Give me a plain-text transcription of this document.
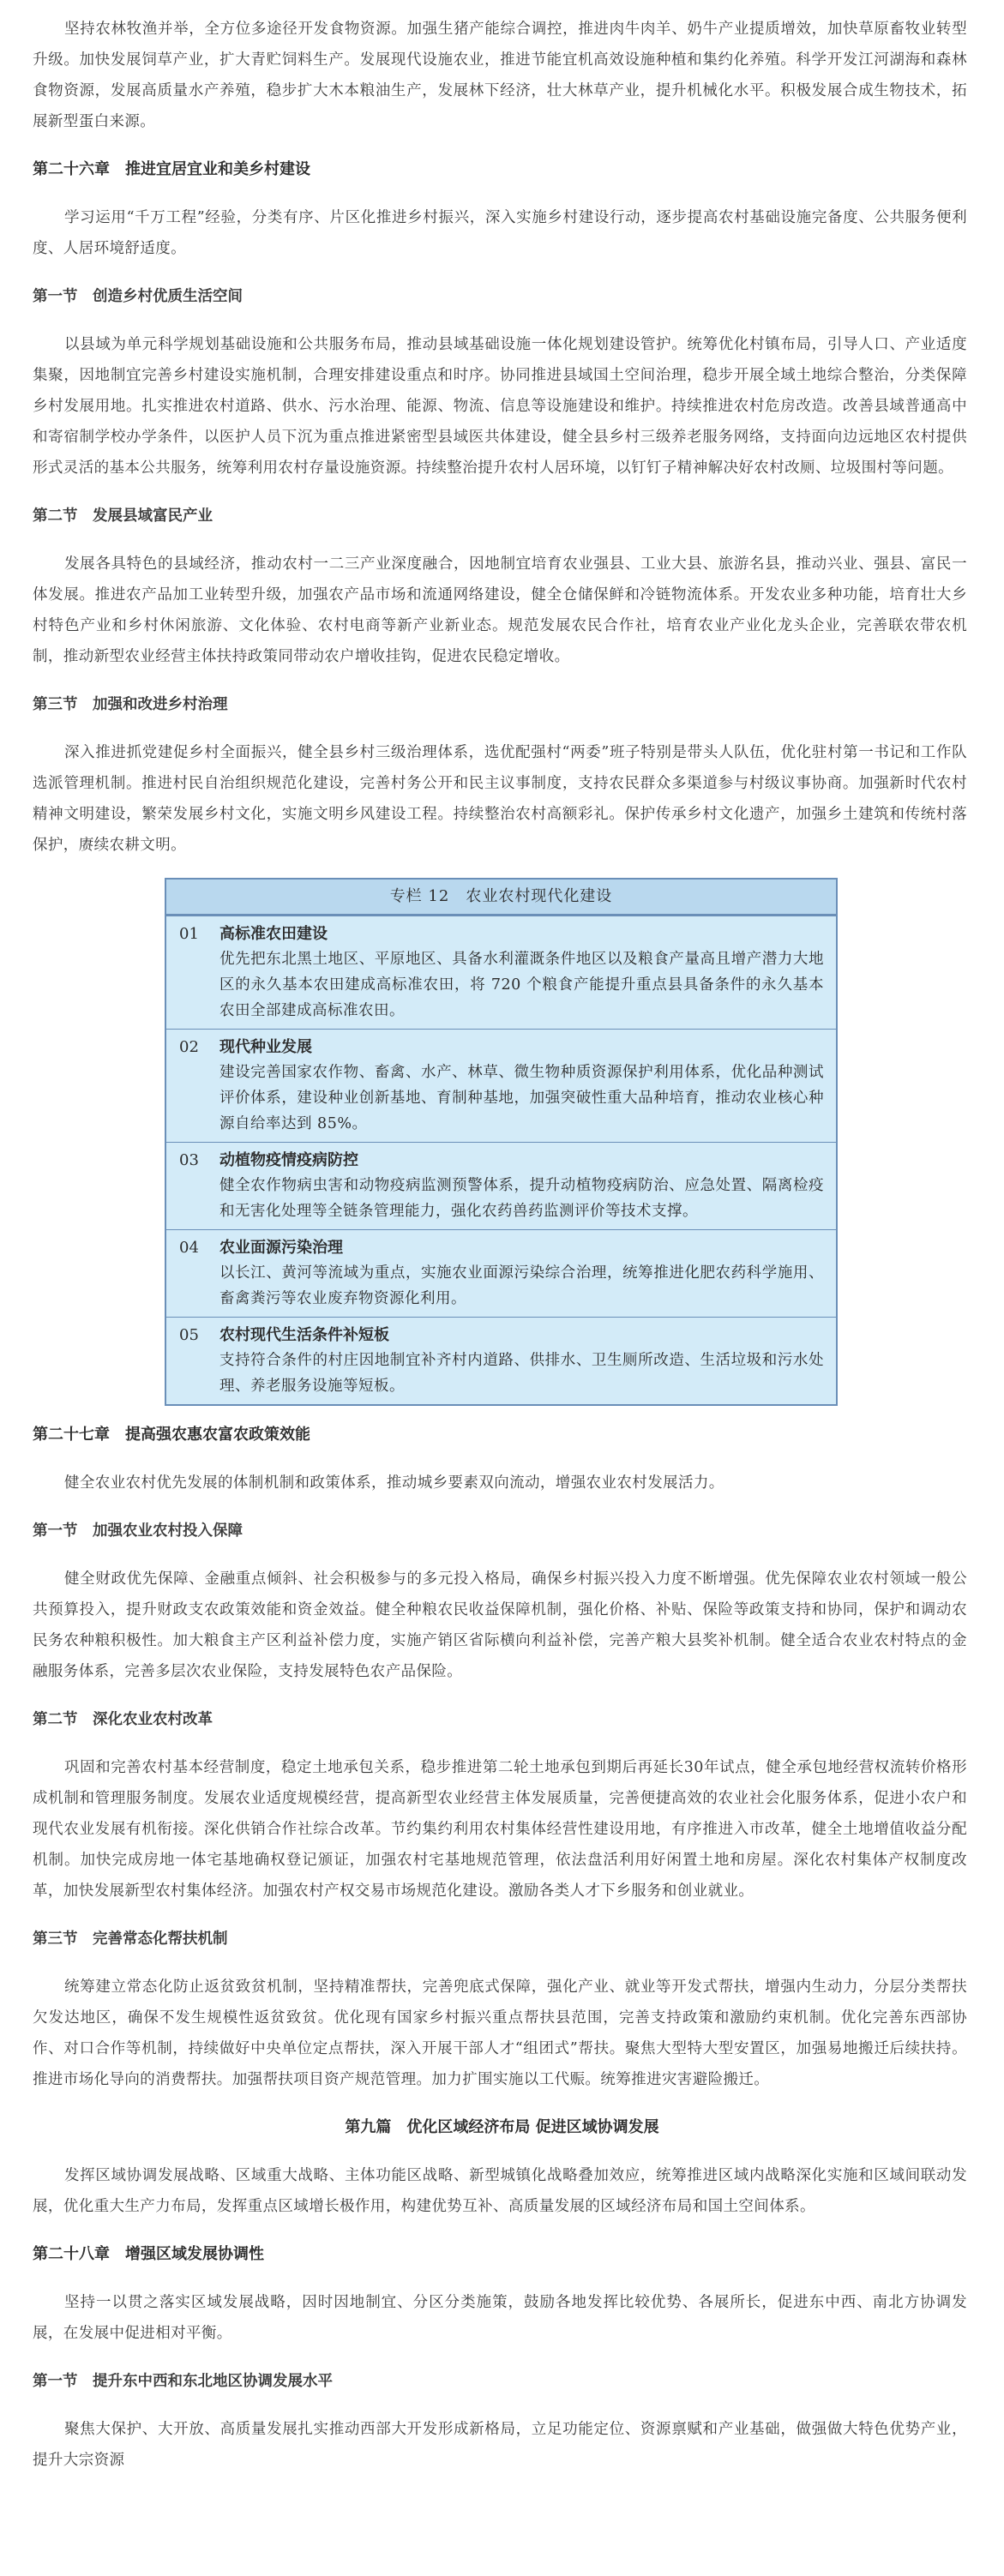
坚持农林牧渔并举，全方位多途径开发食物资源。加强生猪产能综合调控，推进肉牛肉羊、奶牛产业提质增效，加快草原畜牧业转型升级。加快发展饲草产业，扩大青贮饲料生产。发展现代设施农业，推进节能宜机高效设施种植和集约化养殖。科学开发江河湖海和森林食物资源，发展高质量水产养殖，稳步扩大木本粮油生产，发展林下经济，壮大林草产业，提升机械化水平。积极发展合成生物技术，拓展新型蛋白来源。

第二十六章　推进宜居宜业和美乡村建设

学习运用“千万工程”经验，分类有序、片区化推进乡村振兴，深入实施乡村建设行动，逐步提高农村基础设施完备度、公共服务便利度、人居环境舒适度。

第一节　创造乡村优质生活空间

以县域为单元科学规划基础设施和公共服务布局，推动县域基础设施一体化规划建设管护。统筹优化村镇布局，引导人口、产业适度集聚，因地制宜完善乡村建设实施机制，合理安排建设重点和时序。协同推进县域国土空间治理，稳步开展全域土地综合整治，分类保障乡村发展用地。扎实推进农村道路、供水、污水治理、能源、物流、信息等设施建设和维护。持续推进农村危房改造。改善县域普通高中和寄宿制学校办学条件，以医护人员下沉为重点推进紧密型县域医共体建设，健全县乡村三级养老服务网络，支持面向边远地区农村提供形式灵活的基本公共服务，统筹利用农村存量设施资源。持续整治提升农村人居环境，以钉钉子精神解决好农村改厕、垃圾围村等问题。

第二节　发展县域富民产业

发展各具特色的县域经济，推动农村一二三产业深度融合，因地制宜培育农业强县、工业大县、旅游名县，推动兴业、强县、富民一体发展。推进农产品加工业转型升级，加强农产品市场和流通网络建设，健全仓储保鲜和冷链物流体系。开发农业多种功能，培育壮大乡村特色产业和乡村休闲旅游、文化体验、农村电商等新产业新业态。规范发展农民合作社，培育农业产业化龙头企业，完善联农带农机制，推动新型农业经营主体扶持政策同带动农户增收挂钩，促进农民稳定增收。

第三节　加强和改进乡村治理

深入推进抓党建促乡村全面振兴，健全县乡村三级治理体系，选优配强村“两委”班子特别是带头人队伍，优化驻村第一书记和工作队选派管理机制。推进村民自治组织规范化建设，完善村务公开和民主议事制度，支持农民群众多渠道参与村级议事协商。加强新时代农村精神文明建设，繁荣发展乡村文化，实施文明乡风建设工程。持续整治农村高额彩礼。保护传承乡村文化遗产，加强乡土建筑和传统村落保护，赓续农耕文明。

专栏 12　农业农村现代化建设
01	高标准农田建设
优先把东北黑土地区、平原地区、具备水利灌溉条件地区以及粮食产量高且增产潜力大地区的永久基本农田建成高标准农田，将 720 个粮食产能提升重点县具备条件的永久基本农田全部建成高标准农田。
02	现代种业发展
建设完善国家农作物、畜禽、水产、林草、微生物种质资源保护利用体系，优化品种测试评价体系，建设种业创新基地、育制种基地，加强突破性重大品种培育，推动农业核心种源自给率达到 85%。
03	动植物疫情疫病防控
健全农作物病虫害和动物疫病监测预警体系，提升动植物疫病防治、应急处置、隔离检疫和无害化处理等全链条管理能力，强化农药兽药监测评价等技术支撑。
04	农业面源污染治理
以长江、黄河等流域为重点，实施农业面源污染综合治理，统筹推进化肥农药科学施用、畜禽粪污等农业废弃物资源化利用。
05	农村现代生活条件补短板
支持符合条件的村庄因地制宜补齐村内道路、供排水、卫生厕所改造、生活垃圾和污水处理、养老服务设施等短板。
第二十七章　提高强农惠农富农政策效能

健全农业农村优先发展的体制机制和政策体系，推动城乡要素双向流动，增强农业农村发展活力。

第一节　加强农业农村投入保障

健全财政优先保障、金融重点倾斜、社会积极参与的多元投入格局，确保乡村振兴投入力度不断增强。优先保障农业农村领域一般公共预算投入，提升财政支农政策效能和资金效益。健全种粮农民收益保障机制，强化价格、补贴、保险等政策支持和协同，保护和调动农民务农种粮积极性。加大粮食主产区利益补偿力度，实施产销区省际横向利益补偿，完善产粮大县奖补机制。健全适合农业农村特点的金融服务体系，完善多层次农业保险，支持发展特色农产品保险。

第二节　深化农业农村改革

巩固和完善农村基本经营制度，稳定土地承包关系，稳步推进第二轮土地承包到期后再延长30年试点，健全承包地经营权流转价格形成机制和管理服务制度。发展农业适度规模经营，提高新型农业经营主体发展质量，完善便捷高效的农业社会化服务体系，促进小农户和现代农业发展有机衔接。深化供销合作社综合改革。节约集约利用农村集体经营性建设用地，有序推进入市改革，健全土地增值收益分配机制。加快完成房地一体宅基地确权登记颁证，加强农村宅基地规范管理，依法盘活利用好闲置土地和房屋。深化农村集体产权制度改革，加快发展新型农村集体经济。加强农村产权交易市场规范化建设。激励各类人才下乡服务和创业就业。

第三节　完善常态化帮扶机制

统筹建立常态化防止返贫致贫机制，坚持精准帮扶，完善兜底式保障，强化产业、就业等开发式帮扶，增强内生动力，分层分类帮扶欠发达地区，确保不发生规模性返贫致贫。优化现有国家乡村振兴重点帮扶县范围，完善支持政策和激励约束机制。优化完善东西部协作、对口合作等机制，持续做好中央单位定点帮扶，深入开展干部人才“组团式”帮扶。聚焦大型特大型安置区，加强易地搬迁后续扶持。推进市场化导向的消费帮扶。加强帮扶项目资产规范管理。加力扩围实施以工代赈。统筹推进灾害避险搬迁。

第九篇　优化区域经济布局 促进区域协调发展

发挥区域协调发展战略、区域重大战略、主体功能区战略、新型城镇化战略叠加效应，统筹推进区域内战略深化实施和区域间联动发展，优化重大生产力布局，发挥重点区域增长极作用，构建优势互补、高质量发展的区域经济布局和国土空间体系。

第二十八章　增强区域发展协调性

坚持一以贯之落实区域发展战略，因时因地制宜、分区分类施策，鼓励各地发挥比较优势、各展所长，促进东中西、南北方协调发展，在发展中促进相对平衡。

第一节　提升东中西和东北地区协调发展水平

聚焦大保护、大开放、高质量发展扎实推动西部大开发形成新格局，立足功能定位、资源禀赋和产业基础，做强做大特色优势产业，提升大宗资源
